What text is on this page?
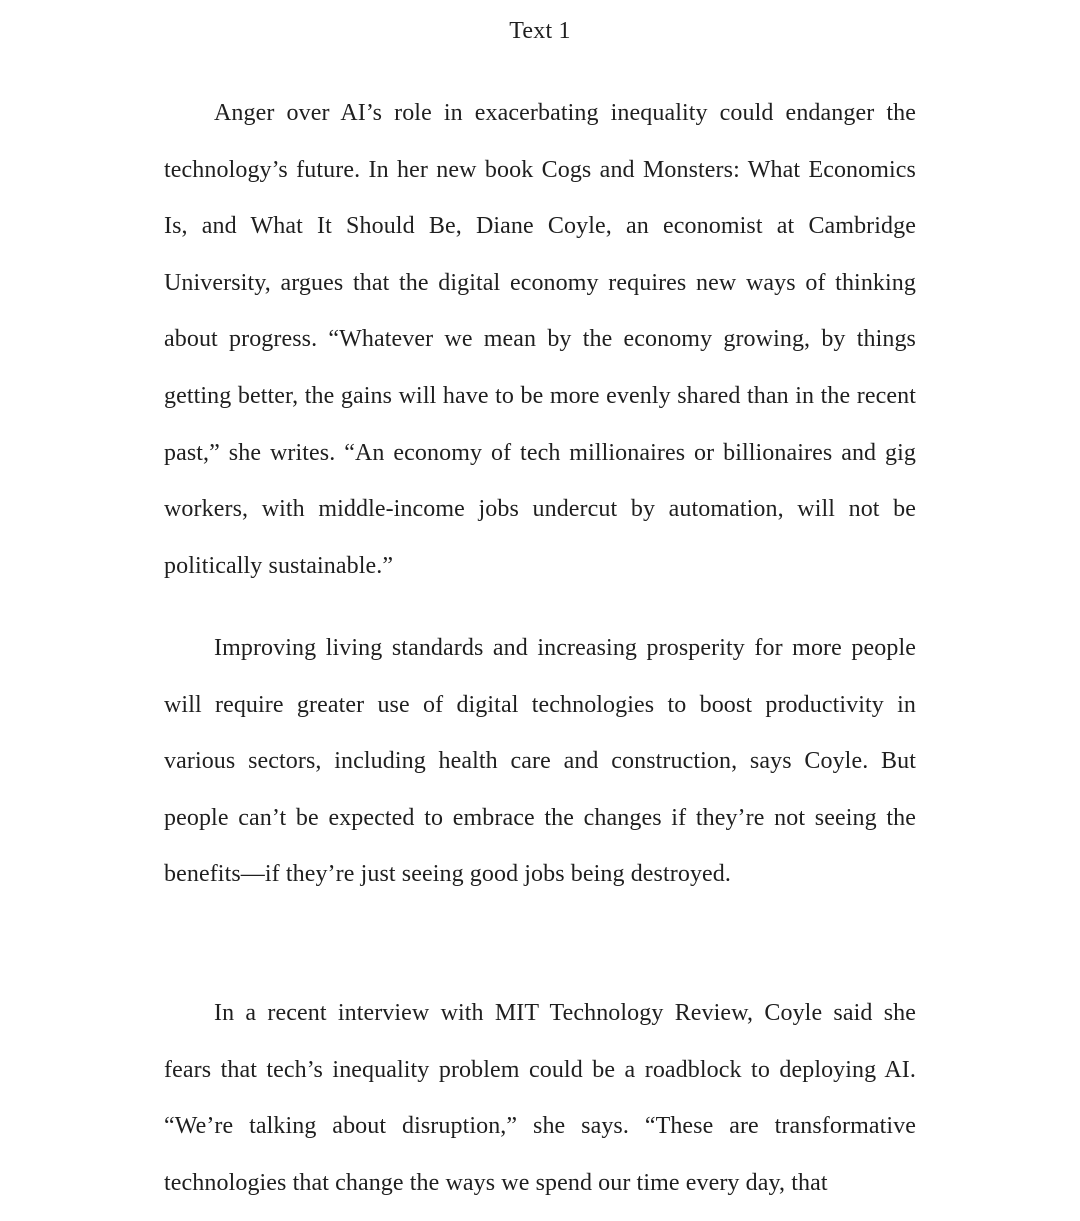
Text 1

Anger over AI’s role in exacerbating inequality could endanger the technology’s future. In her new book Cogs and Monsters: What Economics Is, and What It Should Be, Diane Coyle, an economist at Cambridge University, argues that the digital economy requires new ways of thinking about progress. “Whatever we mean by the economy growing, by things getting better, the gains will have to be more evenly shared than in the recent past,” she writes. “An economy of tech millionaires or billionaires and gig workers, with middle-income jobs undercut by automation, will not be politically sustainable.”

Improving living standards and increasing prosperity for more people will require greater use of digital technologies to boost productivity in various sectors, including health care and construction, says Coyle. But people can’t be expected to embrace the changes if they’re not seeing the benefits—if they’re just seeing good jobs being destroyed.

In a recent interview with MIT Technology Review, Coyle said she fears that tech’s inequality problem could be a roadblock to deploying AI. “We’re talking about disruption,” she says. “These are transformative technologies that change the ways we spend our time every day, that
